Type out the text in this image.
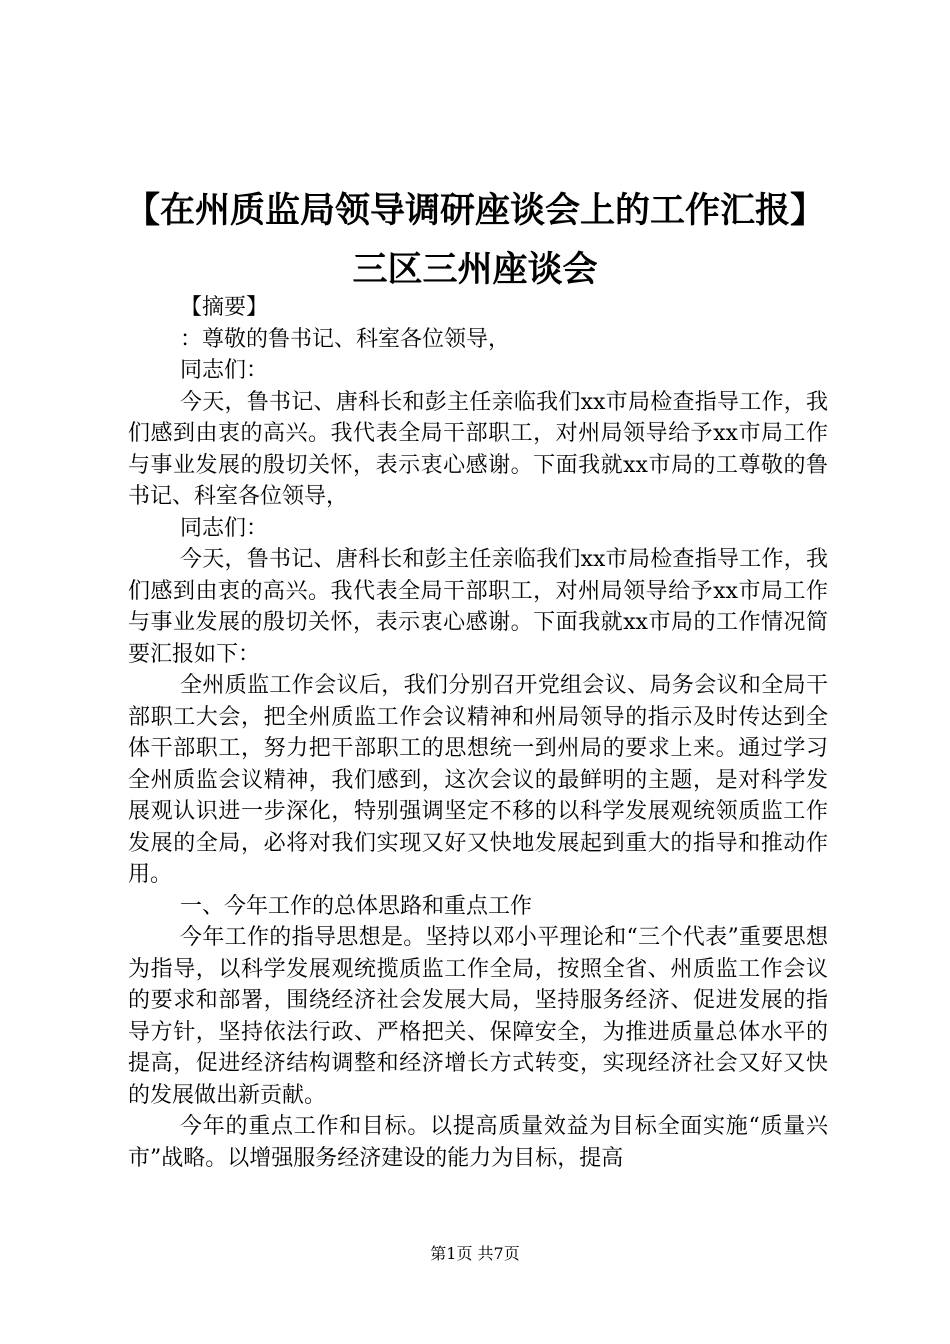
【在州质监局领导调研座谈会上的工作汇报】
三区三州座谈会

【摘要】

：尊敬的鲁书记、科室各位领导，

同志们：

今天，鲁书记、唐科长和彭主任亲临我们xx市局检查指导工作，我们感到由衷的高兴。我代表全局干部职工，对州局领导给予xx市局工作与事业发展的殷切关怀，表示衷心感谢。下面我就xx市局的工尊敬的鲁书记、科室各位领导，

同志们：

今天，鲁书记、唐科长和彭主任亲临我们xx市局检查指导工作，我们感到由衷的高兴。我代表全局干部职工，对州局领导给予xx市局工作与事业发展的殷切关怀，表示衷心感谢。下面我就xx市局的工作情况简要汇报如下：

全州质监工作会议后，我们分别召开党组会议、局务会议和全局干部职工大会，把全州质监工作会议精神和州局领导的指示及时传达到全体干部职工，努力把干部职工的思想统一到州局的要求上来。通过学习全州质监会议精神，我们感到，这次会议的最鲜明的主题，是对科学发展观认识进一步深化，特别强调坚定不移的以科学发展观统领质监工作发展的全局，必将对我们实现又好又快地发展起到重大的指导和推动作用。

一、今年工作的总体思路和重点工作

今年工作的指导思想是。坚持以邓小平理论和“三个代表”重要思想为指导，以科学发展观统揽质监工作全局，按照全省、州质监工作会议的要求和部署，围绕经济社会发展大局，坚持服务经济、促进发展的指导方针，坚持依法行政、严格把关、保障安全，为推进质量总体水平的提高，促进经济结构调整和经济增长方式转变，实现经济社会又好又快的发展做出新贡献。

今年的重点工作和目标。以提高质量效益为目标全面实施“质量兴市”战略。以增强服务经济建设的能力为目标，提高

第1页 共7页
